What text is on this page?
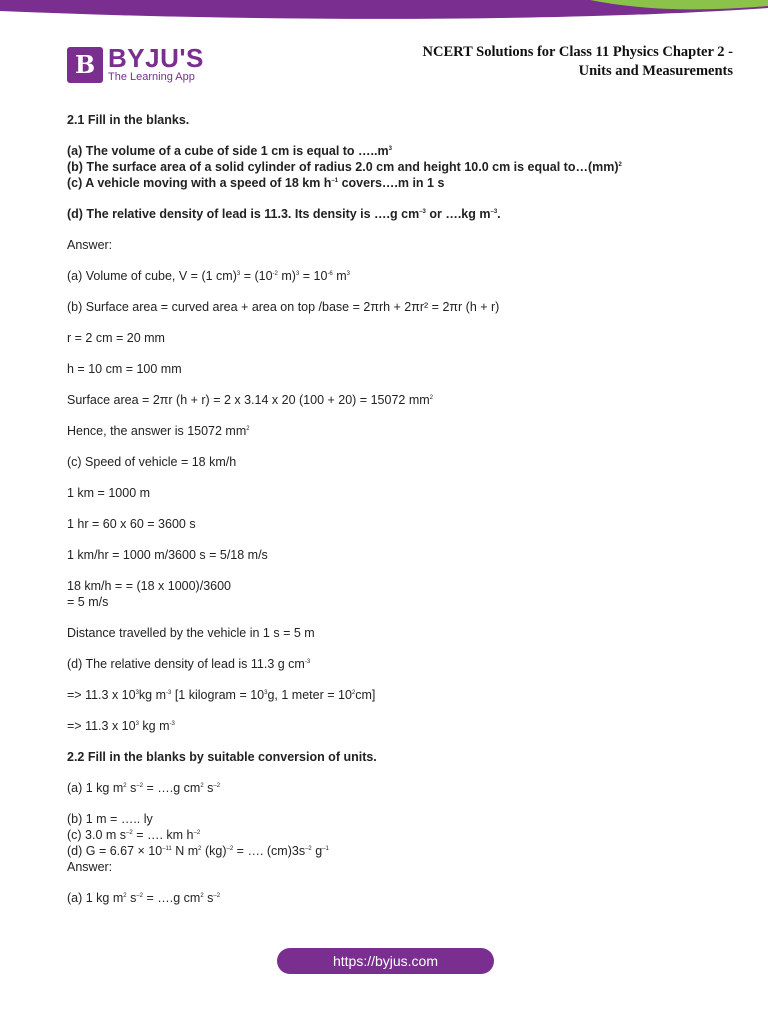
B BYJU'S
The Learning App
NCERT Solutions for Class 11 Physics Chapter 2 -
Units and Measurements
2.1 Fill in the blanks.
(a) The volume of a cube of side 1 cm is equal to $\dots..m^3$
(b) The surface area of a solid cylinder of radius 2.0 cm and height 10.0 cm is equal to…(mm)$^2$
(c) A vehicle moving with a speed of 18 km $h^{-1}$ covers….m in 1 s
(d) The relative density of lead is 11.3. Its density is ….g $cm^{-3}$ or ….kg $m^{-3}$.
Answer:
(a) Volume of cube, V = (1 $cm)^3 = (10^{-2}$ $m)^3 = 10^{-6}$ $m^3$
(b) Surface area = curved area + area on top /base = 2πrh + 2πr² = 2πr (h + r)
r = 2 cm = 20 mm
h = 10 cm = 100 mm
Surface area = 2πr (h + r) = 2 x 3.14 x 20 (100 + 20) = 15072 $mm^2$
Hence, the answer is 15072 $mm^2$
(c) Speed of vehicle = 18 km/h
1 km = 1000 m
1 hr = 60 x 60 = 3600 s
1 km/hr = 1000 m/3600 s = 5/18 m/s
18 km/h = = (18 x 1000)/3600
= 5 m/s
Distance travelled by the vehicle in 1 s = 5 m
(d) The relative density of lead is 11.3 g $cm^{-3}$
=> 11.3 x $10^3kg$ $m^{-3}$ [1 kilogram = $10^3g$, 1 meter = $10^2cm$]
=> 11.3 x $10^3$ kg $m^{-3}$
2.2 Fill in the blanks by suitable conversion of units.
(a) 1 kg $m^2$ $s^{-2}$ = ….g $cm^2$ $s^{-2}$
(b) 1 m = ….. ly
(c) 3.0 m $s^{-2}$ = …. km $h^{-2}$
(d) $G = 6.67 \times 10^{-11}$ N $m^2$ (kg)$^{-2}$ = …. $(cm)3s^{-2}$ $g^{-1}$
Answer:
(a) 1 kg $m^2$ $s^{-2}$ = ….g $cm^2$ $s^{-2}$
https://byjus.com
